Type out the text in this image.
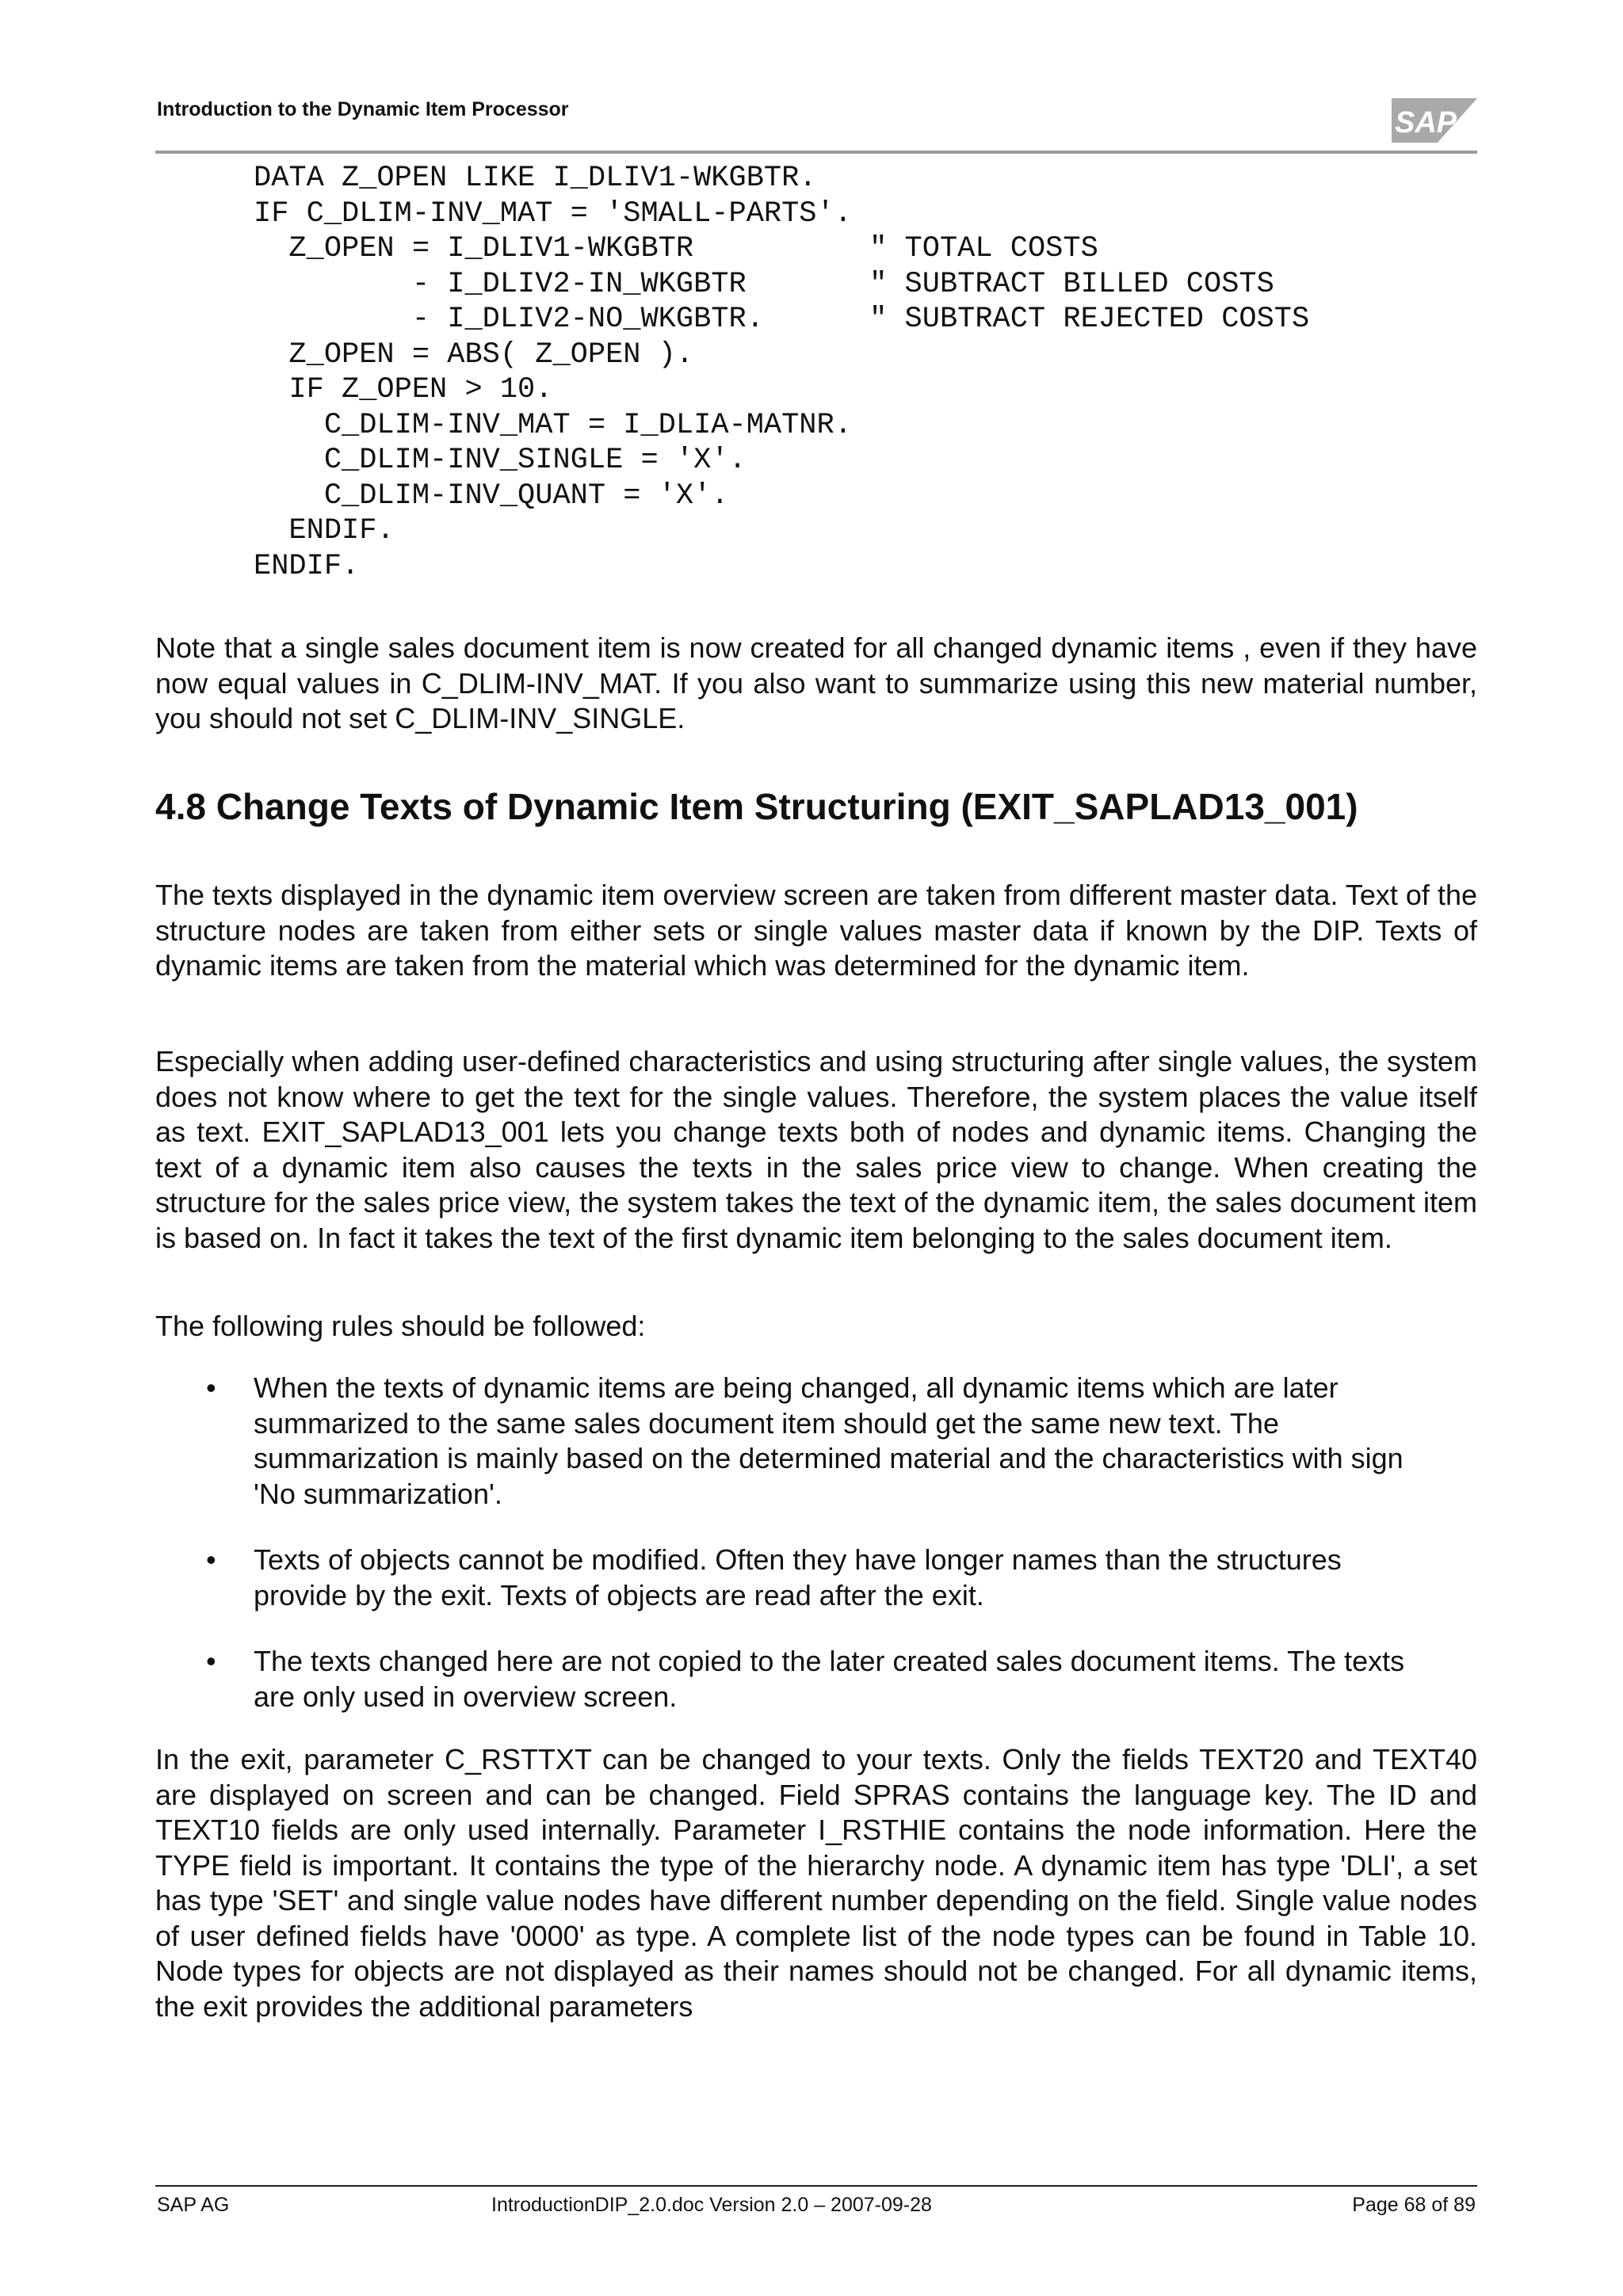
Introduction to the Dynamic Item Processor	SAP
DATA Z_OPEN LIKE I_DLIV1-WKGBTR.
IF C_DLIM-INV_MAT = 'SMALL-PARTS'.
Z_OPEN = I_DLIV1-WKGBTR          " TOTAL COSTS
- I_DLIV2-IN_WKGBTR       " SUBTRACT BILLED COSTS
- I_DLIV2-NO_WKGBTR.      " SUBTRACT REJECTED COSTS
Z_OPEN = ABS( Z_OPEN ).
IF Z_OPEN > 10.
C_DLIM-INV_MAT = I_DLIA-MATNR.
C_DLIM-INV_SINGLE = 'X'.
C_DLIM-INV_QUANT = 'X'.
ENDIF.
ENDIF.

Note that a single sales document item is now created for all changed dynamic items , even if they have now equal values in C_DLIM-INV_MAT. If you also want to summarize using this new material number, you should not set C_DLIM-INV_SINGLE.

4.8 Change Texts of Dynamic Item Structuring (EXIT_SAPLAD13_001)

The texts displayed in the dynamic item overview screen are taken from different master data. Text of the structure nodes are taken from either sets or single values master data if known by the DIP. Texts of dynamic items are taken from the material which was determined for the dynamic item.

Especially when adding user-defined characteristics and using structuring after single values, the system does not know where to get the text for the single values. Therefore, the system places the value itself as text. EXIT_SAPLAD13_001 lets you change texts both of nodes and dynamic items. Changing the text of a dynamic item also causes the texts in the sales price view to change. When creating the structure for the sales price view, the system takes the text of the dynamic item, the sales document item is based on. In fact it takes the text of the first dynamic item belonging to the sales document item.

The following rules should be followed:

• When the texts of dynamic items are being changed, all dynamic items which are later summarized to the same sales document item should get the same new text. The summarization is mainly based on the determined material and the characteristics with sign 'No summarization'.

• Texts of objects cannot be modified. Often they have longer names than the structures provide by the exit. Texts of objects are read after the exit.

• The texts changed here are not copied to the later created sales document items. The texts are only used in overview screen.

In the exit, parameter C_RSTTXT can be changed to your texts. Only the fields TEXT20 and TEXT40 are displayed on screen and can be changed. Field SPRAS contains the language key. The ID and TEXT10 fields are only used internally. Parameter I_RSTHIE contains the node information. Here the TYPE field is important. It contains the type of the hierarchy node. A dynamic item has type 'DLI', a set has type 'SET' and single value nodes have different number depending on the field. Single value nodes of user defined fields have '0000' as type. A complete list of the node types can be found in Table 10. Node types for objects are not displayed as their names should not be changed. For all dynamic items, the exit provides the additional parameters

SAP AG	IntroductionDIP_2.0.doc Version 2.0 – 2007-09-28	Page 68 of 89
